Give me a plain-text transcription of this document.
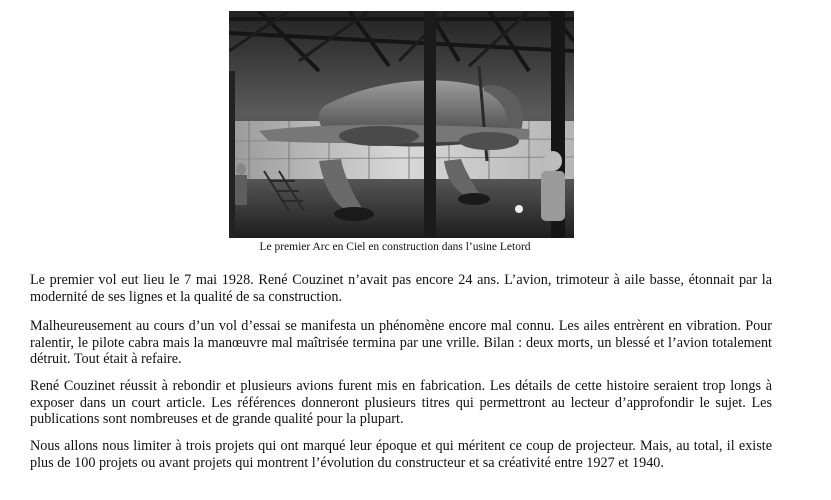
Le premier Arc en Ciel en construction dans l’usine Letord

Le premier vol eut lieu le 7 mai 1928. René Couzinet n’avait pas encore 24 ans. L’avion, trimoteur à aile basse, étonnait par la modernité de ses lignes et la qualité de sa construction.

Malheureusement au cours d’un vol d’essai se manifesta un phénomène encore mal connu. Les ailes entrèrent en vibration. Pour ralentir, le pilote cabra mais la manœuvre mal maîtrisée termina par une vrille. Bilan : deux morts, un blessé et l’avion totalement détruit. Tout était à refaire.

René Couzinet réussit à rebondir et plusieurs avions furent mis en fabrication. Les détails de cette histoire seraient trop longs à exposer dans un court article. Les références donneront plusieurs titres qui permettront au lecteur d’approfondir le sujet. Les publications sont nombreuses et de grande qualité pour la plupart.

Nous allons nous limiter à trois projets qui ont marqué leur époque et qui méritent ce coup de projecteur. Mais, au total, il existe plus de 100 projets ou avant projets qui montrent l’évolution du constructeur et sa créativité entre 1927 et 1940.
